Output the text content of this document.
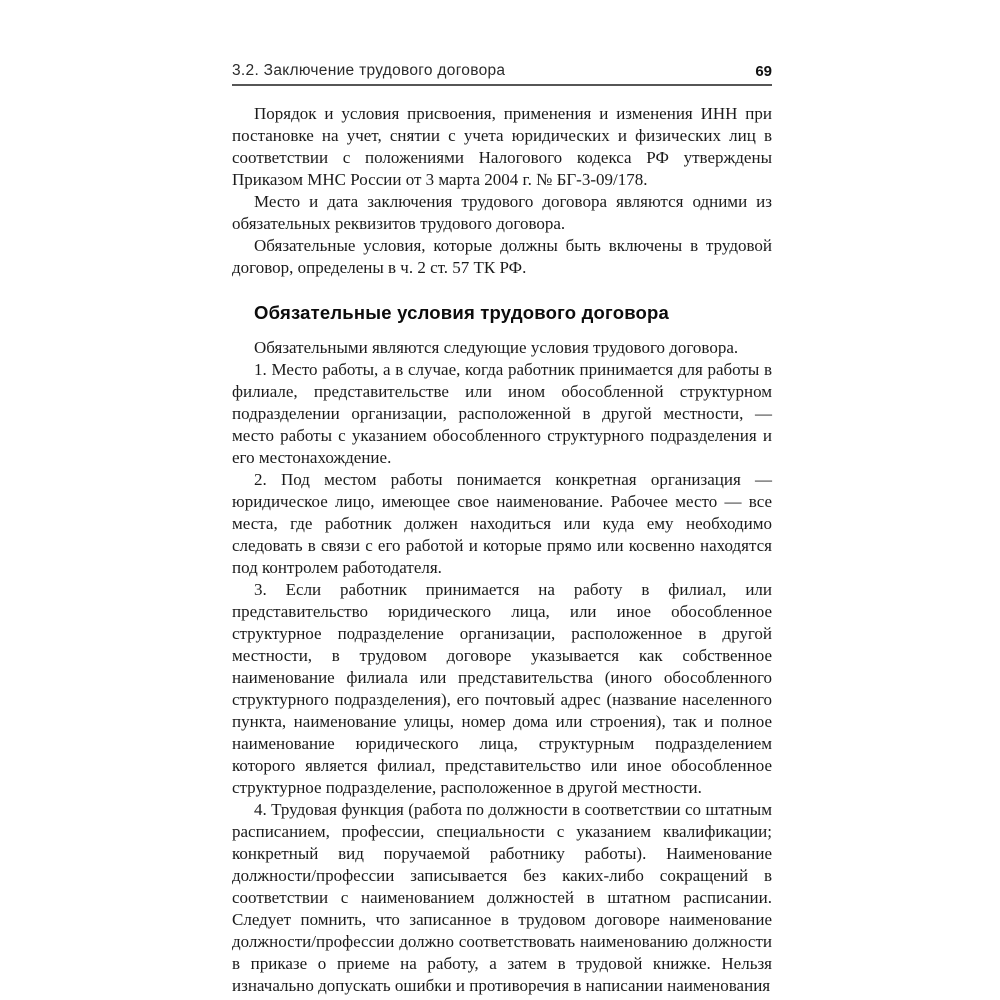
3.2. Заключение трудового договора	69

Порядок и условия присвоения, применения и изменения ИНН при постановке на учет, снятии с учета юридических и физических лиц в соответствии с положениями Налогового кодекса РФ утверждены Приказом МНС России от 3 марта 2004 г. № БГ-3-09/178.

Место и дата заключения трудового договора являются одними из обязательных реквизитов трудового договора.

Обязательные условия, которые должны быть включены в трудовой договор, определены в ч. 2 ст. 57 ТК РФ.

Обязательные условия трудового договора

Обязательными являются следующие условия трудового договора.

1. Место работы, а в случае, когда работник принимается для работы в филиале, представительстве или ином обособленной структурном подразделении организации, расположенной в другой местности, — место работы с указанием обособленного структурного подразделения и его местонахождение.

2. Под местом работы понимается конкретная организация — юридическое лицо, имеющее свое наименование. Рабочее место — все места, где работник должен находиться или куда ему необходимо следовать в связи с его работой и которые прямо или косвенно находятся под контролем работодателя.

3. Если работник принимается на работу в филиал, или представительство юридического лица, или иное обособленное структурное подразделение организации, расположенное в другой местности, в трудовом договоре указывается как собственное наименование филиала или представительства (иного обособленного структурного подразделения), его почтовый адрес (название населенного пункта, наименование улицы, номер дома или строения), так и полное наименование юридического лица, структурным подразделением которого является филиал, представительство или иное обособленное структурное подразделение, расположенное в другой местности.

4. Трудовая функция (работа по должности в соответствии со штатным расписанием, профессии, специальности с указанием квалификации; конкретный вид поручаемой работнику работы). Наименование должности/профессии записывается без каких-либо сокращений в соответствии с наименованием должностей в штатном расписании. Следует помнить, что записанное в трудовом договоре наименование должности/профессии должно соответствовать наименованию должности в приказе о приеме на работу, а затем в трудовой книжке. Нельзя изначально допускать ошибки и противоречия в написании наименования
